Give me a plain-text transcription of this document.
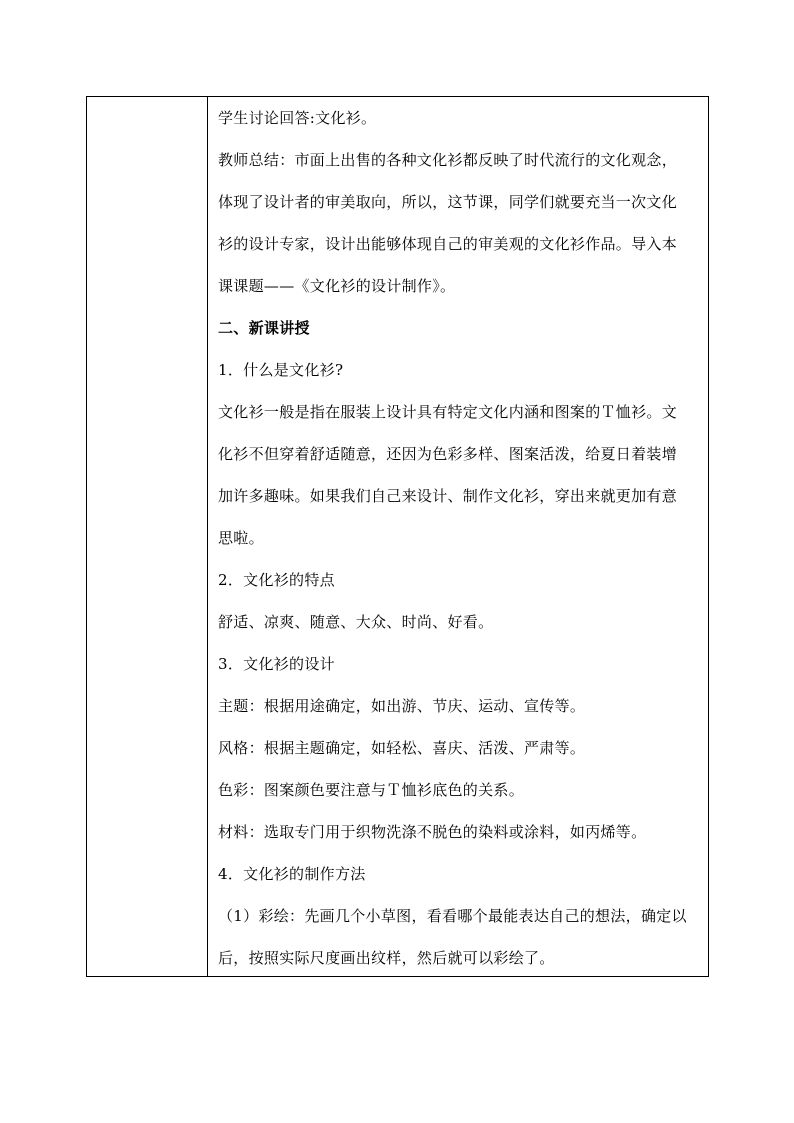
学生讨论回答:文化衫。
教师总结：市面上出售的各种文化衫都反映了时代流行的文化观念，
体现了设计者的审美取向，所以，这节课，同学们就要充当一次文化
衫的设计专家，设计出能够体现自己的审美观的文化衫作品。导入本
课课题——《文化衫的设计制作》。
二、新课讲授
1．什么是文化衫?
文化衫一般是指在服装上设计具有特定文化内涵和图案的Ｔ恤衫。文
化衫不但穿着舒适随意，还因为色彩多样、图案活泼，给夏日着装增
加许多趣味。如果我们自己来设计、制作文化衫，穿出来就更加有意
思啦。
2．文化衫的特点
舒适、凉爽、随意、大众、时尚、好看。
3．文化衫的设计
主题：根据用途确定，如出游、节庆、运动、宣传等。
风格：根据主题确定，如轻松、喜庆、活泼、严肃等。
色彩：图案颜色要注意与Ｔ恤衫底色的关系。
材料：选取专门用于织物洗涤不脱色的染料或涂料，如丙烯等。
4．文化衫的制作方法
（1）彩绘：先画几个小草图，看看哪个最能表达自己的想法，确定以
后，按照实际尺度画出纹样，然后就可以彩绘了。
